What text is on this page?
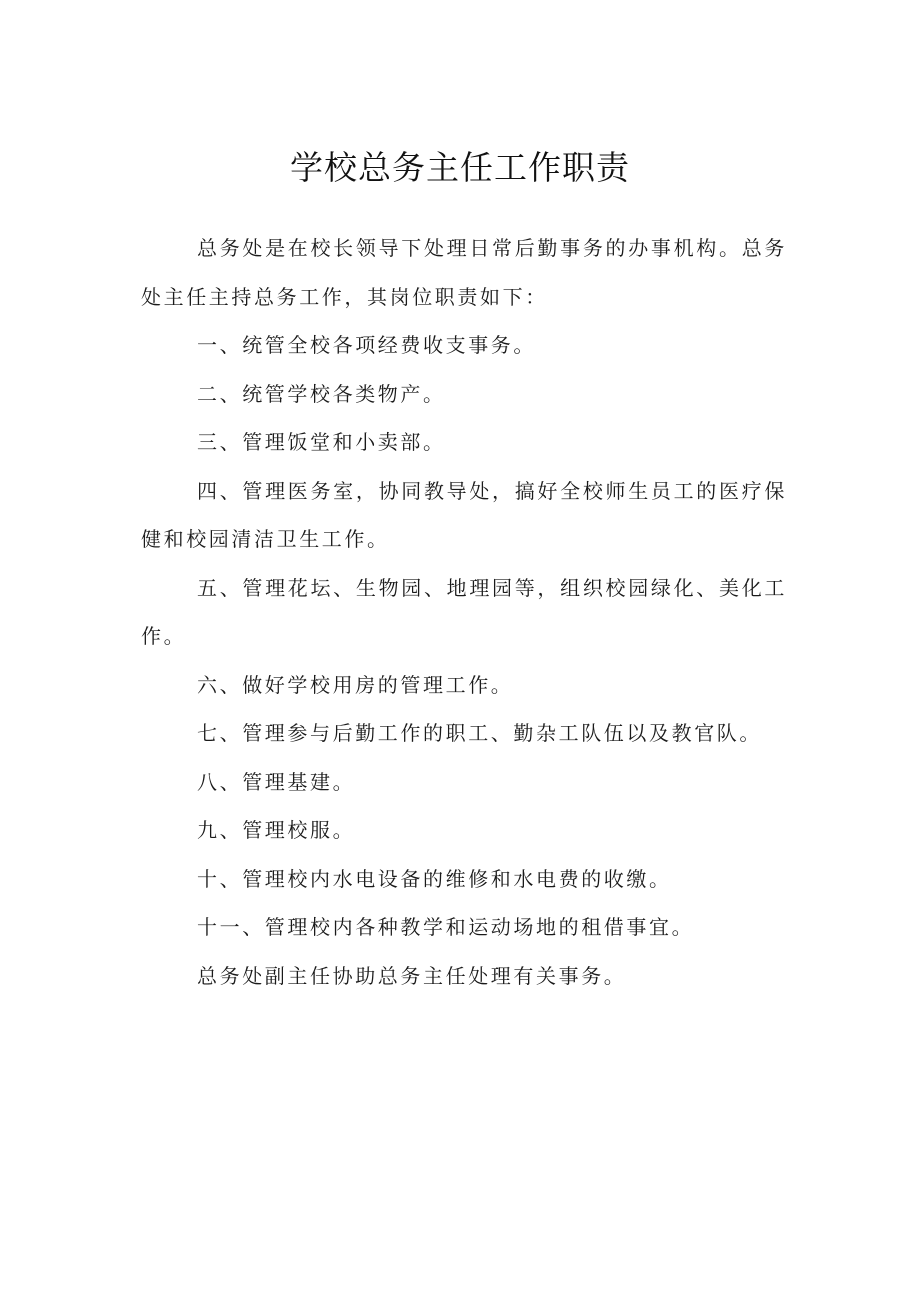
学校总务主任工作职责

总务处是在校长领导下处理日常后勤事务的办事机构。总务处主任主持总务工作，其岗位职责如下：

一、统管全校各项经费收支事务。

二、统管学校各类物产。

三、管理饭堂和小卖部。

四、管理医务室，协同教导处，搞好全校师生员工的医疗保健和校园清洁卫生工作。

五、管理花坛、生物园、地理园等，组织校园绿化、美化工作。

六、做好学校用房的管理工作。

七、管理参与后勤工作的职工、勤杂工队伍以及教官队。

八、管理基建。

九、管理校服。

十、管理校内水电设备的维修和水电费的收缴。

十一、管理校内各种教学和运动场地的租借事宜。

总务处副主任协助总务主任处理有关事务。
